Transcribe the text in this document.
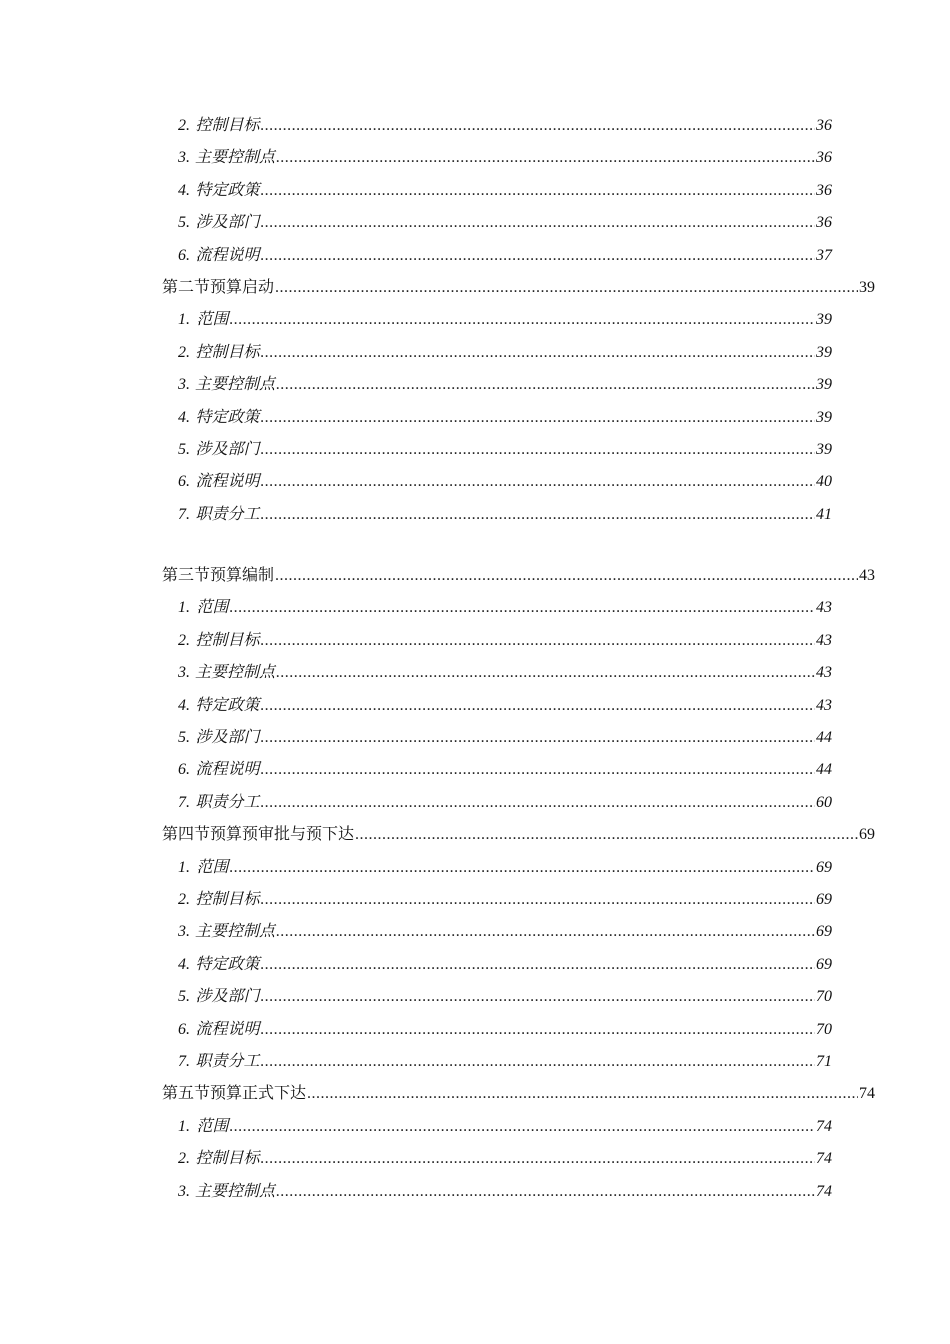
2. 控制目标 .....	36
3. 主要控制点 .....	36
4. 特定政策 .....	36
5. 涉及部门 .....	36
6. 流程说明 .....	37
第二节 预算启动 .....	39
1. 范围 .....	39
2. 控制目标 .....	39
3. 主要控制点 .....	39
4. 特定政策 .....	39
5. 涉及部门 .....	39
6. 流程说明 .....	40
7. 职责分工 .....	41
第三节 预算编制 .....	43
1. 范围 .....	43
2. 控制目标 .....	43
3. 主要控制点 .....	43
4. 特定政策 .....	43
5. 涉及部门 .....	44
6. 流程说明 .....	44
7. 职责分工 .....	60
第四节 预算预审批与预下达 .....	69
1. 范围 .....	69
2. 控制目标 .....	69
3. 主要控制点 .....	69
4. 特定政策 .....	69
5. 涉及部门 .....	70
6. 流程说明 .....	70
7. 职责分工 .....	71
第五节 预算正式下达 .....	74
1. 范围 .....	74
2. 控制目标 .....	74
3. 主要控制点 .....	74
